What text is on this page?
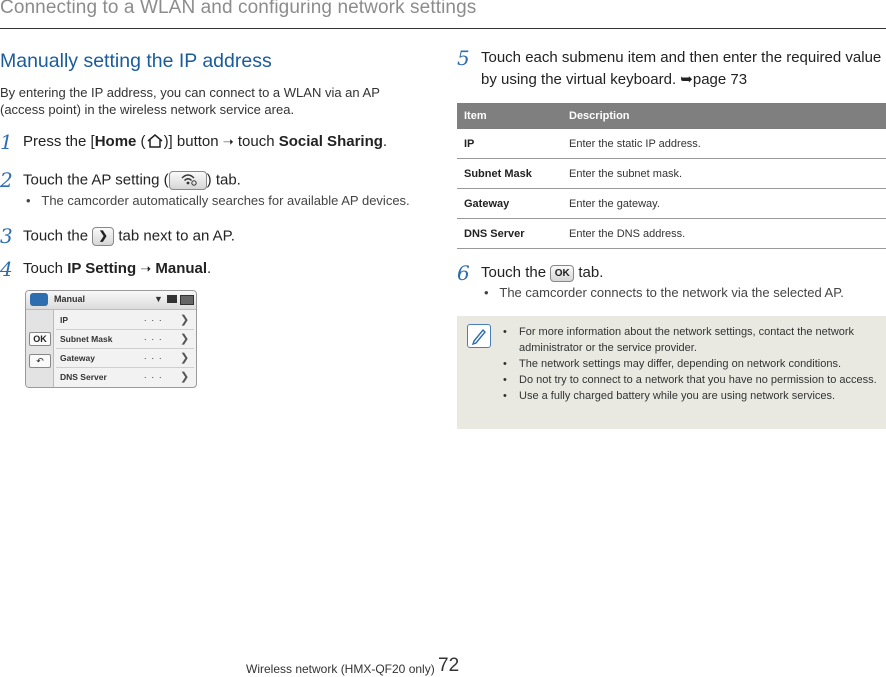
Connecting to a WLAN and configuring network settings
Manually setting the IP address
By entering the IP address, you can connect to a WLAN via an AP (access point) in the wireless network service area.
1 Press the [Home ( )] button ➝ touch Social Sharing.
2 Touch the AP setting (	) tab.
•   The camcorder automatically searches for available AP devices.
3 Touch the ❯ tab next to an AP.
4 Touch IP Setting ➝ Manual.
Manual	▼
OK
↶
IP	... ❯
Subnet Mask	... ❯
Gateway	... ❯
DNS Server	... ❯
5 Touch each submenu item and then enter the required value
by using the virtual keyboard. ➥page 73
Item	Description
IP	Enter the static IP address.
Subnet Mask	Enter the subnet mask.
Gateway	Enter the gateway.
DNS Server	Enter the DNS address.
6 Touch the OK tab.
•   The camcorder connects to the network via the selected AP.
• For more information about the network settings, contact the network administrator or the service provider.
• The network settings may differ, depending on network conditions.
• Do not try to connect to a network that you have no permission to access.
• Use a fully charged battery while you are using network services.
Wireless network (HMX-QF20 only) 72
